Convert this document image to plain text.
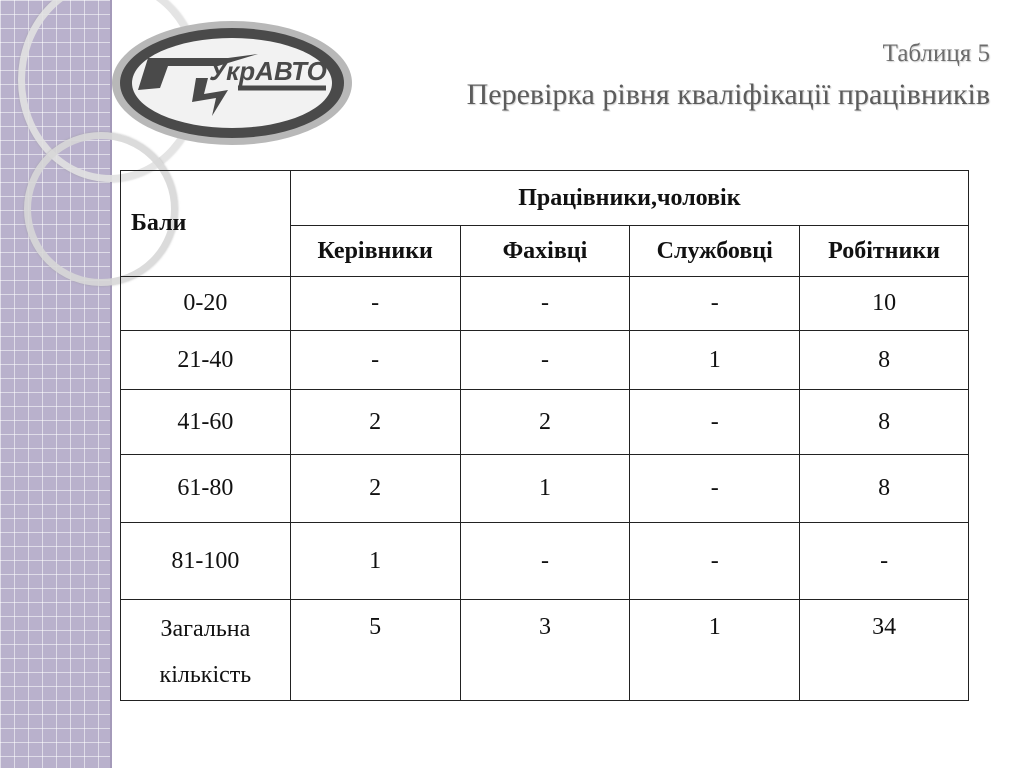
УкрАВТО
Таблиця 5
Перевірка рівня кваліфікації працівників
Бали	Працівники,чоловік			
	Керівники	Фахівці	Службовці	Робітники
0-20	-	-	-	10
21-40	-	-	1	8
41-60	2	2	-	8
61-80	2	1	-	8
81-100	1	-	-	-

Загальна
кількість	5	3	1	34
